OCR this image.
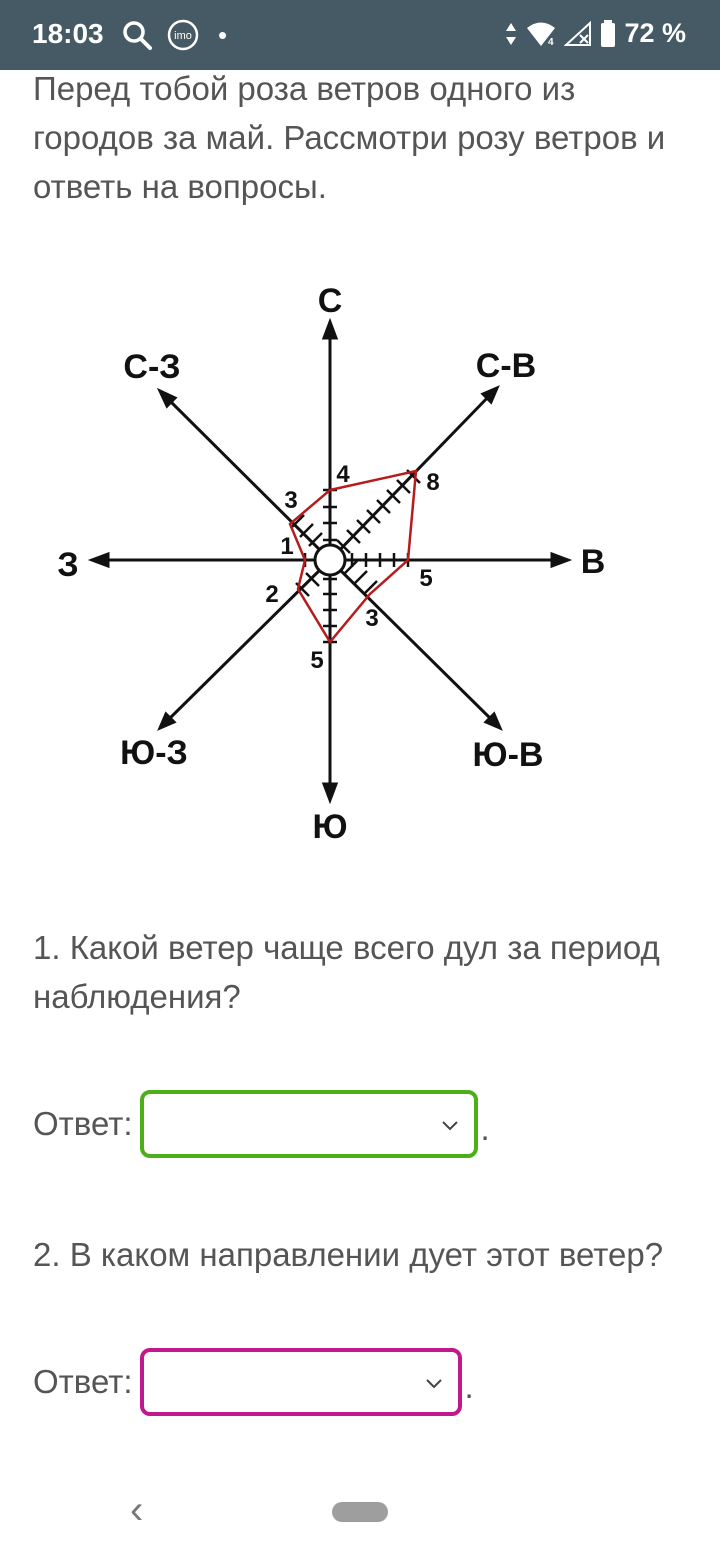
18:03	imo •	4	72 %
Перед тобой роза ветров одного из городов за май. Рассмотри розу ветров и ответь на вопросы.
С
С-В
В
Ю-В
Ю
Ю-З
З
С-З
4	8
5
3
5
2
1
3
1. Какой ветер чаще всего дул за период наблюдения?
Ответ:	.
2. В каком направлении дует этот ветер?
Ответ:	.
‹
